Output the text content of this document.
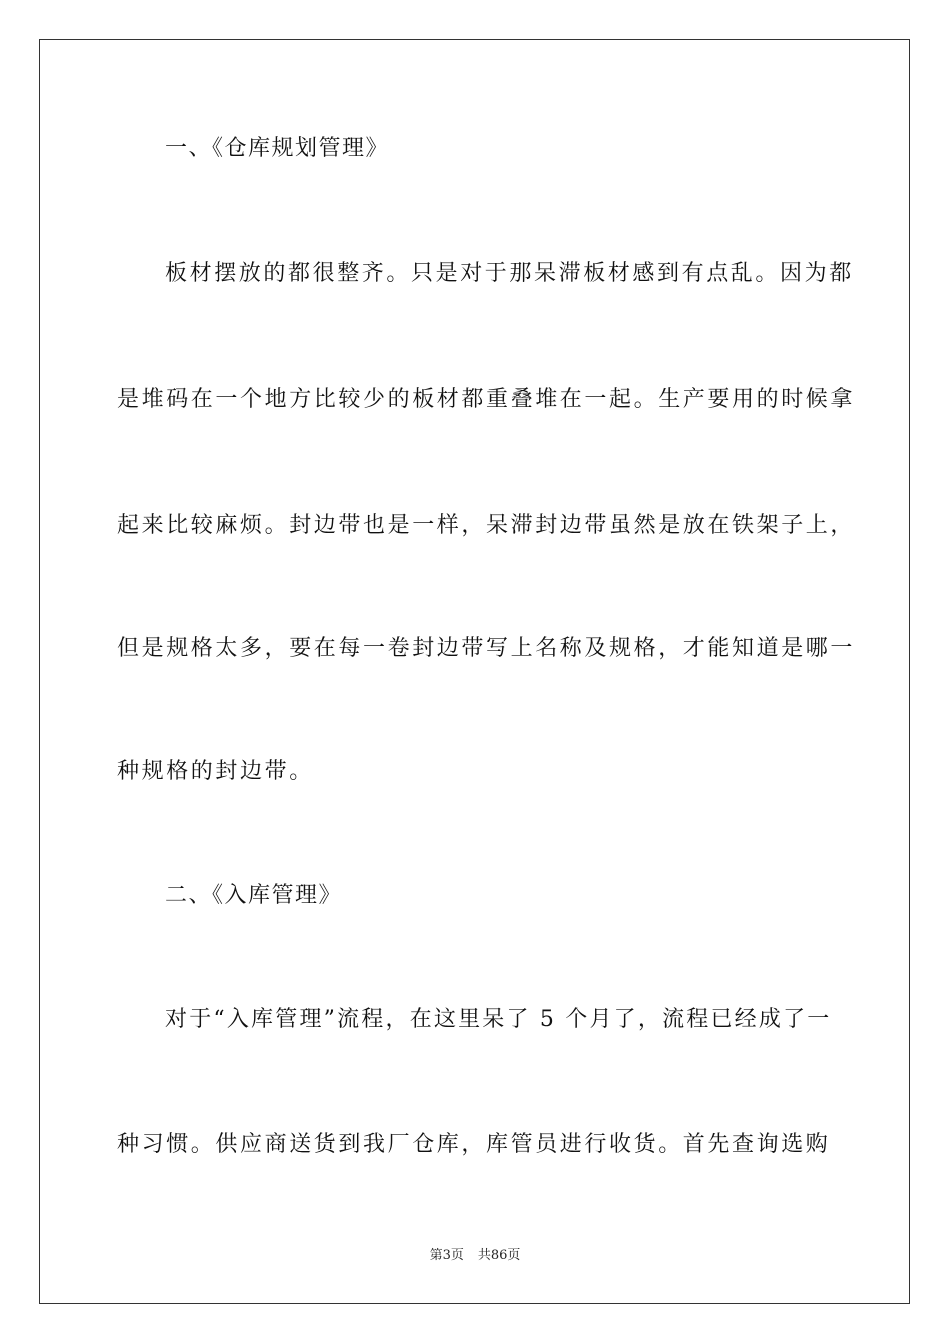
一、《仓库规划管理》
板材摆放的都很整齐。只是对于那呆滞板材感到有点乱。因为都
是堆码在一个地方比较少的板材都重叠堆在一起。生产要用的时候拿
起来比较麻烦。封边带也是一样，呆滞封边带虽然是放在铁架子上，
但是规格太多，要在每一卷封边带写上名称及规格，才能知道是哪一
种规格的封边带。
二、《入库管理》
对于“入库管理”流程，在这里呆了 5 个月了，流程已经成了一
种习惯。供应商送货到我厂仓库，库管员进行收货。首先查询选购
第3页 共86页
